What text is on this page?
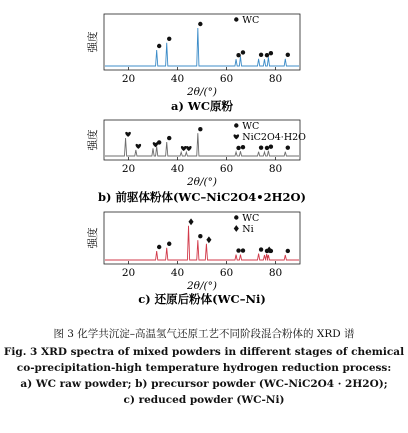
20	40	60	80
2θ/(°)
强度
WC
a) WC原粉
20	40	60	80
2θ/(°)
强度
WC
NiC2O4·H2O
b) 前驱体粉体(WC–NiC2O4•2H2O)
20	40	60	80
2θ/(°)
强度
WC
Ni
c) 还原后粉体(WC–Ni)
图 3 化学共沉淀–高温氢气还原工艺不同阶段混合粉体的 XRD 谱
Fig. 3 XRD spectra of mixed powders in different stages of chemical
co-precipitation-high temperature hydrogen reduction process:
a) WC raw powder; b) precursor powder (WC-NiC2O4 · 2H2O);
c) reduced powder (WC-Ni)
